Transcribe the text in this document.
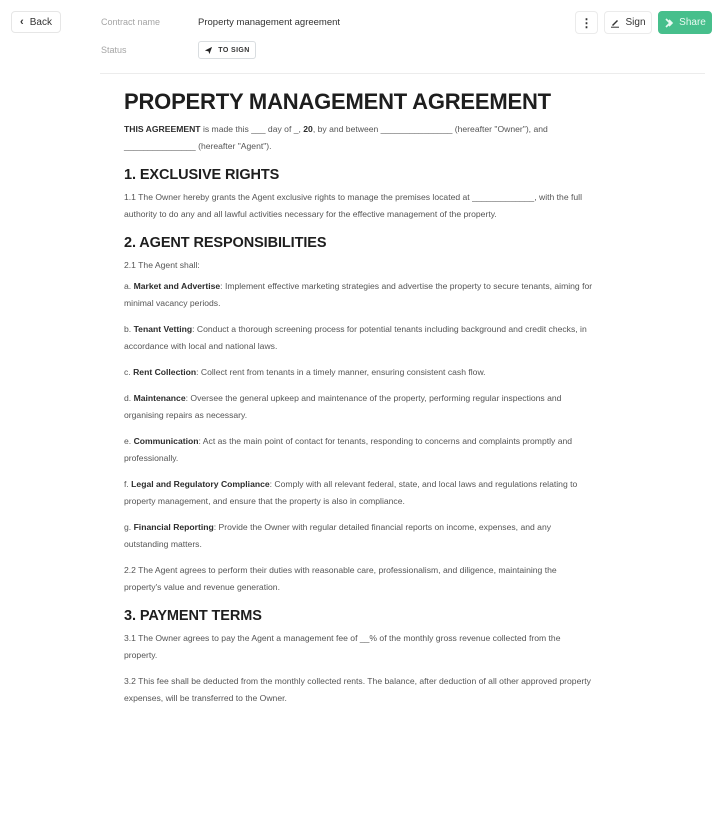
‹ Back	Contract name	Property management agreement
Status	TO SIGN
⋮	Sign	Share
PROPERTY MANAGEMENT AGREEMENT

THIS AGREEMENT is made this ___ day of _, 20, by and between _______________ (hereafter "Owner"), and _______________ (hereafter "Agent").

1. EXCLUSIVE RIGHTS

1.1 The Owner hereby grants the Agent exclusive rights to manage the premises located at _____________, with the full authority to do any and all lawful activities necessary for the effective management of the property.

2. AGENT RESPONSIBILITIES

2.1 The Agent shall:

a. Market and Advertise: Implement effective marketing strategies and advertise the property to secure tenants, aiming for minimal vacancy periods.

b. Tenant Vetting: Conduct a thorough screening process for potential tenants including background and credit checks, in accordance with local and national laws.

c. Rent Collection: Collect rent from tenants in a timely manner, ensuring consistent cash flow.

d. Maintenance: Oversee the general upkeep and maintenance of the property, performing regular inspections and organising repairs as necessary.

e. Communication: Act as the main point of contact for tenants, responding to concerns and complaints promptly and professionally.

f. Legal and Regulatory Compliance: Comply with all relevant federal, state, and local laws and regulations relating to property management, and ensure that the property is also in compliance.

g. Financial Reporting: Provide the Owner with regular detailed financial reports on income, expenses, and any outstanding matters.

2.2 The Agent agrees to perform their duties with reasonable care, professionalism, and diligence, maintaining the property's value and revenue generation.

3. PAYMENT TERMS

3.1 The Owner agrees to pay the Agent a management fee of __% of the monthly gross revenue collected from the property.

3.2 This fee shall be deducted from the monthly collected rents. The balance, after deduction of all other approved property expenses, will be transferred to the Owner.
